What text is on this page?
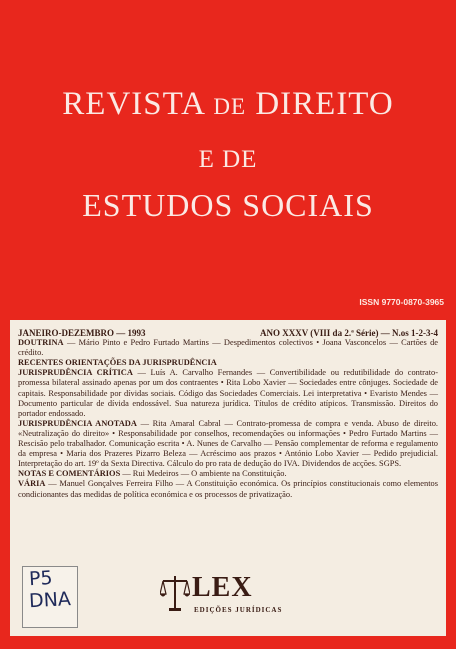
REVISTA DE DIREITO
E DE
ESTUDOS SOCIAIS
ISSN 9770-0870-3965
JANEIRO-DEZEMBRO — 1993	ANO XXXV (VIII da 2.ª Série) — N.os 1-2-3-4

DOUTRINA — Mário Pinto e Pedro Furtado Martins — Despedimentos colectivos • Joana Vasconcelos — Cartões de crédito.

RECENTES ORIENTAÇÕES DA JURISPRUDÊNCIA

JURISPRUDÊNCIA CRÍTICA — Luís A. Carvalho Fernandes — Convertibilidade ou redutibilidade do contrato-promessa bilateral assinado apenas por um dos contraentes • Rita Lobo Xavier — Sociedades entre cônjuges. Sociedade de capitais. Responsabilidade por dívidas sociais. Código das Sociedades Comerciais. Lei interpretativa • Evaristo Mendes — Documento particular de dívida endossável. Sua natureza jurídica. Títulos de crédito atípicos. Transmissão. Direitos do portador endossado.

JURISPRUDÊNCIA ANOTADA — Rita Amaral Cabral — Contrato-promessa de compra e venda. Abuso de direito. «Neutralização do direito» • Responsabilidade por conselhos, recomendações ou informações • Pedro Furtado Martins — Rescisão pelo trabalhador. Comunicação escrita • A. Nunes de Carvalho — Pensão complementar de reforma e regulamento da empresa • Maria dos Prazeres Pizarro Beleza — Acréscimo aos prazos • António Lobo Xavier — Pedido prejudicial. Interpretação do art. 19º da Sexta Directiva. Cálculo do pro rata de dedução do IVA. Dividendos de acções. SGPS.

NOTAS E COMENTÁRIOS — Rui Medeiros — O ambiente na Constituição.

VÁRIA — Manuel Gonçalves Ferreira Filho — A Constituição económica. Os princípios constitucionais como elementos condicionantes das medidas de política económica e os processos de privatização.

P5
DNA	LEX
EDIÇÕES JURÍDICAS
